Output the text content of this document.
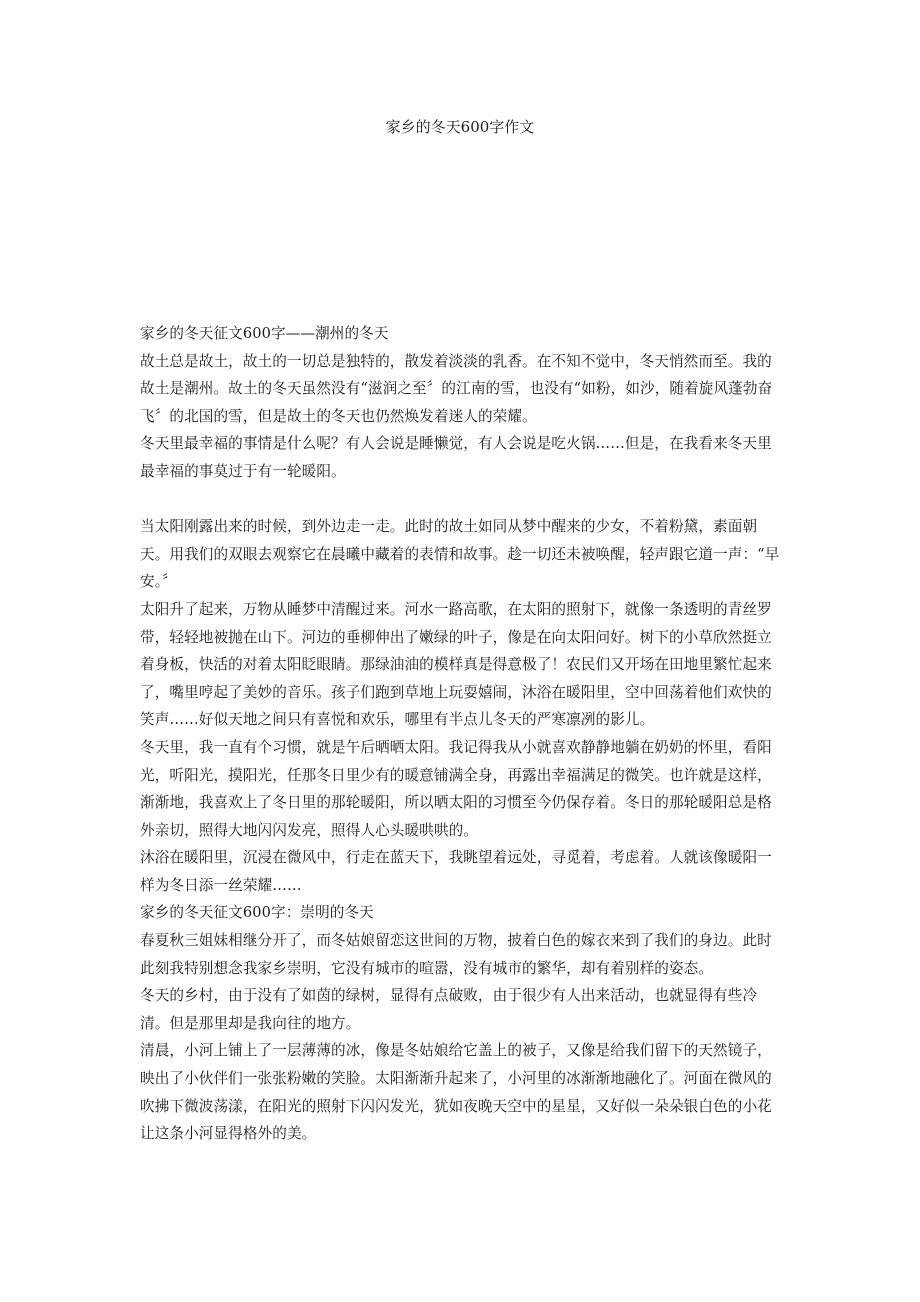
家乡的冬天600字作文

家乡的冬天征文600字——潮州的冬天

故土总是故土，故土的一切总是独特的，散发着淡淡的乳香。在不知不觉中，冬天悄然而至。我的故土是潮州。故土的冬天虽然没有“滋润之至〞的江南的雪，也没有“如粉，如沙，随着旋风蓬勃奋飞〞的北国的雪，但是故土的冬天也仍然焕发着迷人的荣耀。

冬天里最幸福的事情是什么呢？有人会说是睡懒觉，有人会说是吃火锅……但是，在我看来冬天里最幸福的事莫过于有一轮暖阳。

当太阳刚露出来的时候，到外边走一走。此时的故土如同从梦中醒来的少女，不着粉黛，素面朝天。用我们的双眼去观察它在晨曦中藏着的表情和故事。趁一切还未被唤醒，轻声跟它道一声：“早安。〞

太阳升了起来，万物从睡梦中清醒过来。河水一路高歌，在太阳的照射下，就像一条透明的青丝罗带，轻轻地被抛在山下。河边的垂柳伸出了嫩绿的叶子，像是在向太阳问好。树下的小草欣然挺立着身板，快活的对着太阳眨眼睛。那绿油油的模样真是得意极了！农民们又开场在田地里繁忙起来了，嘴里哼起了美妙的音乐。孩子们跑到草地上玩耍嬉闹，沐浴在暖阳里，空中回荡着他们欢快的笑声……好似天地之间只有喜悦和欢乐，哪里有半点儿冬天的严寒凛冽的影儿。

冬天里，我一直有个习惯，就是午后晒晒太阳。我记得我从小就喜欢静静地躺在奶奶的怀里，看阳光，听阳光，摸阳光，任那冬日里少有的暖意铺满全身，再露出幸福满足的微笑。也许就是这样，渐渐地，我喜欢上了冬日里的那轮暖阳，所以晒太阳的习惯至今仍保存着。冬日的那轮暖阳总是格外亲切，照得大地闪闪发亮，照得人心头暖哄哄的。

沐浴在暖阳里，沉浸在微风中，行走在蓝天下，我眺望着远处，寻觅着，考虑着。人就该像暖阳一样为冬日添一丝荣耀……

家乡的冬天征文600字：崇明的冬天

春夏秋三姐妹相继分开了，而冬姑娘留恋这世间的万物，披着白色的嫁衣来到了我们的身边。此时此刻我特别想念我家乡崇明，它没有城市的喧嚣，没有城市的繁华，却有着别样的姿态。

冬天的乡村，由于没有了如茵的绿树，显得有点破败，由于很少有人出来活动，也就显得有些冷清。但是那里却是我向往的地方。

清晨，小河上铺上了一层薄薄的冰，像是冬姑娘给它盖上的被子，又像是给我们留下的天然镜子，映出了小伙伴们一张张粉嫩的笑脸。太阳渐渐升起来了，小河里的冰渐渐地融化了。河面在微风的吹拂下微波荡漾，在阳光的照射下闪闪发光，犹如夜晚天空中的星星，又好似一朵朵银白色的小花让这条小河显得格外的美。
